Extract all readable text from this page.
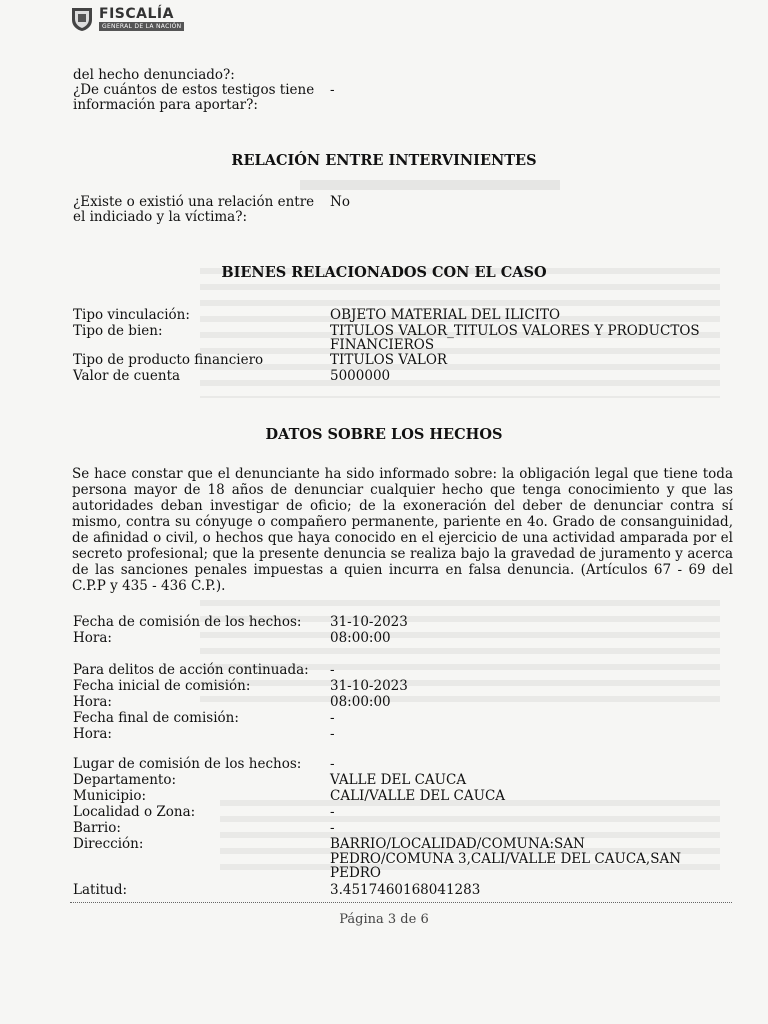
FISCALÍA
GENERAL DE LA NACIÓN
del hecho denunciado?:
¿De cuántos de estos testigos tiene -
información para aportar?:
RELACIÓN ENTRE INTERVINIENTES
¿Existe o existió una relación entre No
el indiciado y la víctima?:
BIENES RELACIONADOS CON EL CASO
Tipo vinculación:	OBJETO MATERIAL DEL ILICITO
Tipo de bien:	TITULOS VALOR_TITULOS VALORES Y PRODUCTOS
FINANCIEROS
Tipo de producto financiero	TITULOS VALOR
Valor de cuenta	5000000
DATOS SOBRE LOS HECHOS
Se hace constar que el denunciante ha sido informado sobre: la obligación legal que tiene toda persona mayor de 18 años de denunciar cualquier hecho que tenga conocimiento y que las autoridades deban investigar de oficio; de la exoneración del deber de denunciar contra sí mismo, contra su cónyuge o compañero permanente, pariente en 4o. Grado de consanguinidad, de afinidad o civil, o hechos que haya conocido en el ejercicio de una actividad amparada por el secreto profesional; que la presente denuncia se realiza bajo la gravedad de juramento y acerca de las sanciones penales impuestas a quien incurra en falsa denuncia. (Artículos 67 - 69 del C.P.P y 435 - 436 C.P.).
Fecha de comisión de los hechos: 31-10-2023
Hora:	08:00:00
Para delitos de acción continuada: -
Fecha inicial de comisión:	31-10-2023
Hora:	08:00:00
Fecha final de comisión:	-
Hora:	-
Lugar de comisión de los hechos: -
Departamento:	VALLE DEL CAUCA
Municipio:	CALI/VALLE DEL CAUCA
Localidad o Zona:	-
Barrio:	-
Dirección:	BARRIO/LOCALIDAD/COMUNA:SAN
PEDRO/COMUNA 3,CALI/VALLE DEL CAUCA,SAN
PEDRO
Latitud:	3.4517460168041283
Página 3 de 6
